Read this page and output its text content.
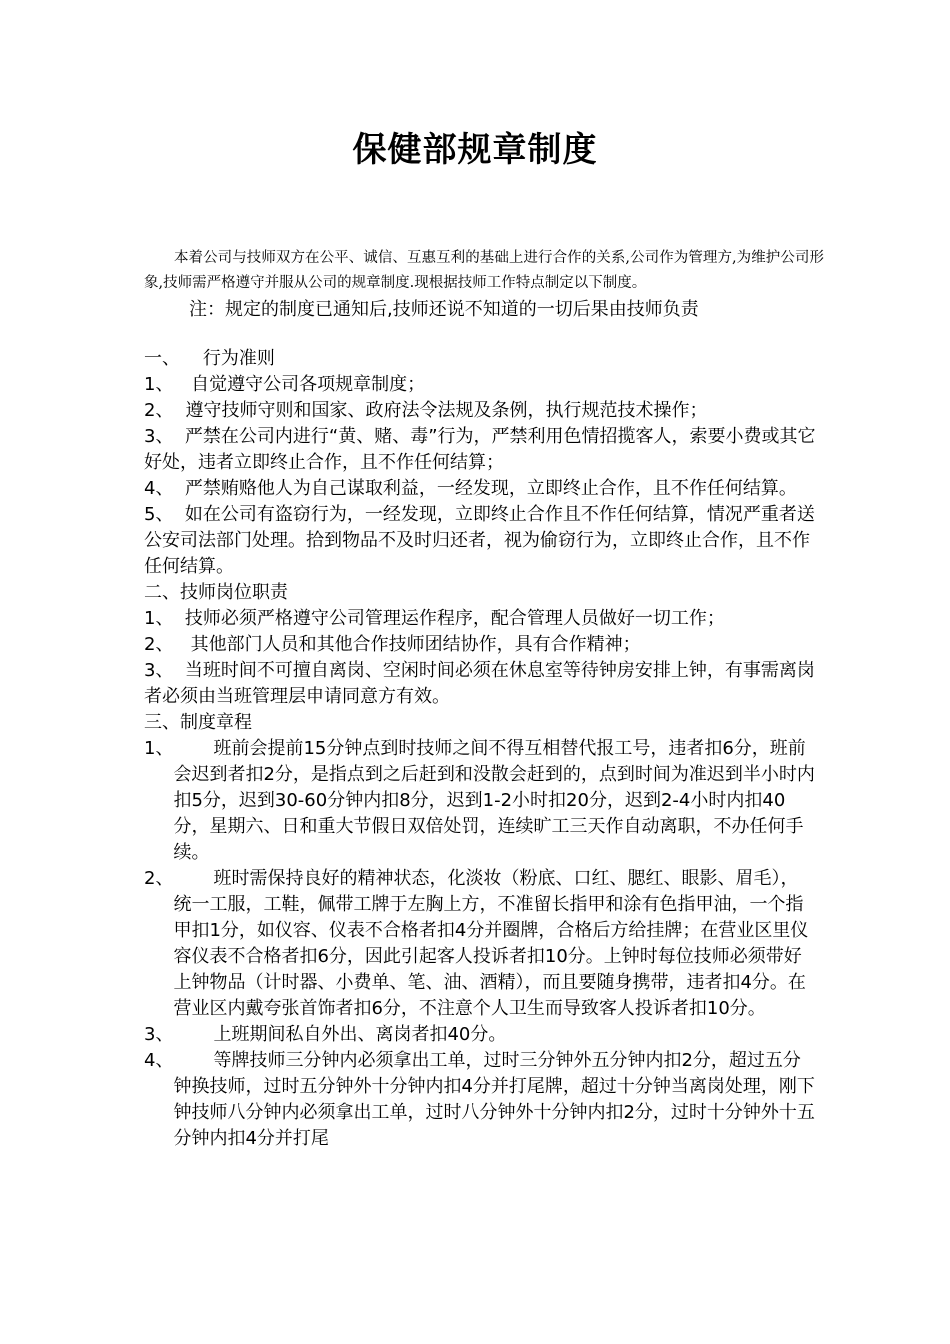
保健部规章制度
本着公司与技师双方在公平、诚信、互惠互利的基础上进行合作的关系,公司作为管理方,为维护公司形象,技师需严格遵守并服从公司的规章制度.现根据技师工作特点制定以下制度。
注：规定的制度已通知后,技师还说不知道的一切后果由技师负责
一、    行为准则
1、 自觉遵守公司各项规章制度；
2、 遵守技师守则和国家、政府法令法规及条例，执行规范技术操作；
3、  严禁在公司内进行“黄、赌、毒”行为，严禁利用色情招揽客人，索要小费或其它好处，违者立即终止合作，且不作任何结算；
4、  严禁贿赂他人为自己谋取利益，一经发现，立即终止合作，且不作任何结算。
5、  如在公司有盗窃行为，一经发现，立即终止合作且不作任何结算，情况严重者送公安司法部门处理。拾到物品不及时归还者，视为偷窃行为，立即终止合作，且不作任何结算。
二、技师岗位职责
1、  技师必须严格遵守公司管理运作程序，配合管理人员做好一切工作；
2、   其他部门人员和其他合作技师团结协作，具有合作精神；
3、  当班时间不可擅自离岗、空闲时间必须在休息室等待钟房安排上钟，有事需离岗者必须由当班管理层申请同意方有效。
三、制度章程
1、	班前会提前15分钟点到时技师之间不得互相替代报工号，违者扣6分，班前会迟到者扣2分，是指点到之后赶到和没散会赶到的，点到时间为准迟到半小时内扣5分，迟到30-60分钟内扣8分，迟到1-2小时扣20分，迟到2-4小时内扣40分，星期六、日和重大节假日双倍处罚，连续旷工三天作自动离职，不办任何手续。
2、	班时需保持良好的精神状态，化淡妆（粉底、口红、腮红、眼影、眉毛），统一工服，工鞋，佩带工牌于左胸上方，不准留长指甲和涂有色指甲油，一个指甲扣1分，如仪容、仪表不合格者扣4分并圈牌，合格后方给挂牌；在营业区里仪容仪表不合格者扣6分，因此引起客人投诉者扣10分。上钟时每位技师必须带好上钟物品（计时器、小费单、笔、油、酒精），而且要随身携带，违者扣4分。在营业区内戴夸张首饰者扣6分，不注意个人卫生而导致客人投诉者扣10分。
3、	上班期间私自外出、离岗者扣40分。
4、	等牌技师三分钟内必须拿出工单，过时三分钟外五分钟内扣2分，超过五分钟换技师，过时五分钟外十分钟内扣4分并打尾牌，超过十分钟当离岗处理，刚下钟技师八分钟内必须拿出工单，过时八分钟外十分钟内扣2分，过时十分钟外十五分钟内扣4分并打尾
